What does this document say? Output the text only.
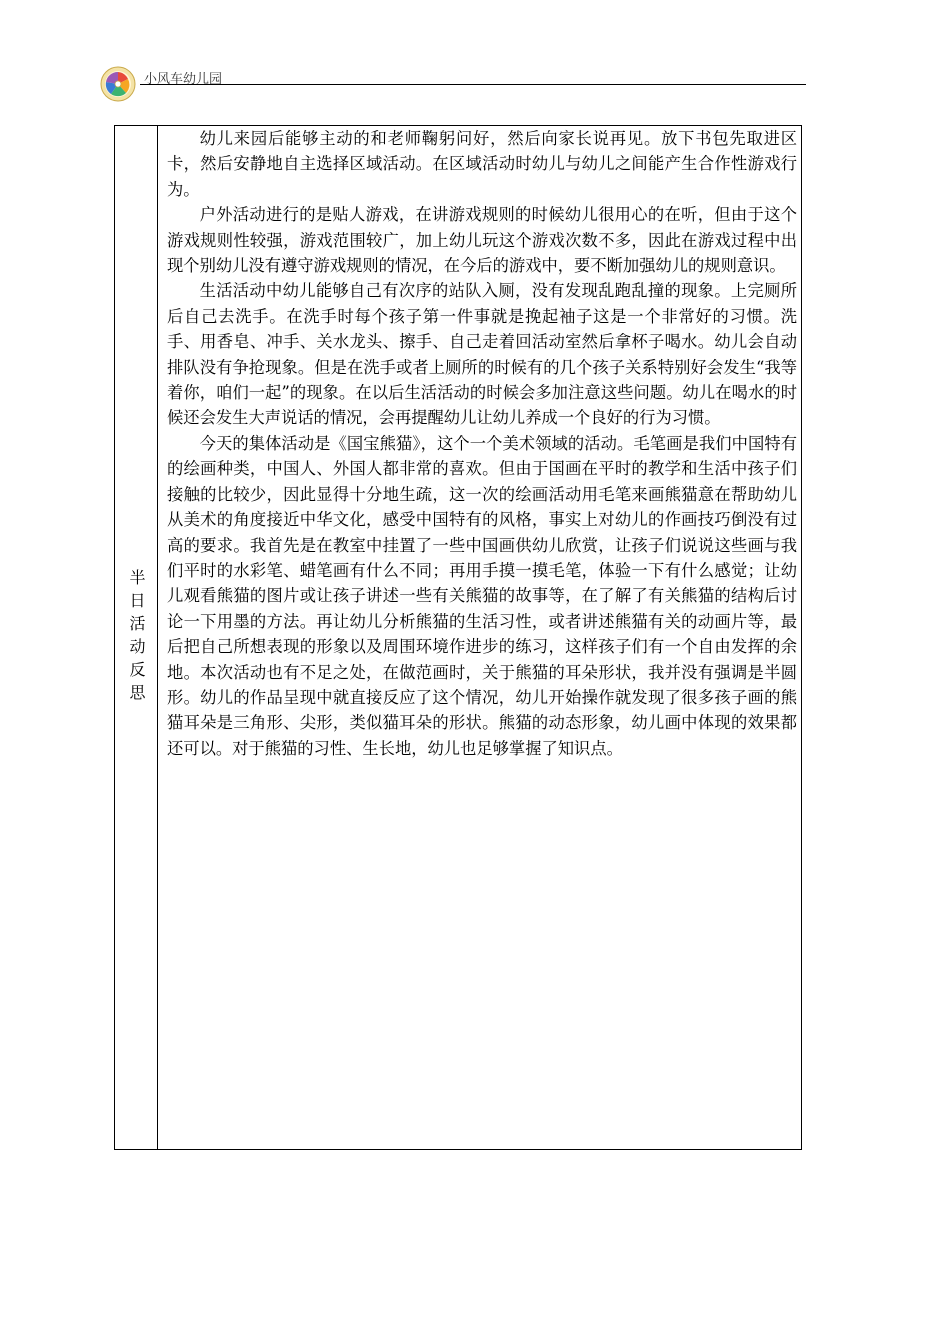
小风车幼儿园
半日活动反思

幼儿来园后能够主动的和老师鞠躬问好，然后向家长说再见。放下书包先取进区卡，然后安静地自主选择区域活动。在区域活动时幼儿与幼儿之间能产生合作性游戏行为。

户外活动进行的是贴人游戏，在讲游戏规则的时候幼儿很用心的在听，但由于这个游戏规则性较强，游戏范围较广，加上幼儿玩这个游戏次数不多，因此在游戏过程中出现个别幼儿没有遵守游戏规则的情况，在今后的游戏中，要不断加强幼儿的规则意识。

生活活动中幼儿能够自己有次序的站队入厕，没有发现乱跑乱撞的现象。上完厕所后自己去洗手。在洗手时每个孩子第一件事就是挽起袖子这是一个非常好的习惯。洗手、用香皂、冲手、关水龙头、擦手、自己走着回活动室然后拿杯子喝水。幼儿会自动排队没有争抢现象。但是在洗手或者上厕所的时候有的几个孩子关系特别好会发生“我等着你，咱们一起”的现象。在以后生活活动的时候会多加注意这些问题。幼儿在喝水的时候还会发生大声说话的情况，会再提醒幼儿让幼儿养成一个良好的行为习惯。

今天的集体活动是《国宝熊猫》，这个一个美术领域的活动。毛笔画是我们中国特有的绘画种类，中国人、外国人都非常的喜欢。但由于国画在平时的教学和生活中孩子们接触的比较少，因此显得十分地生疏，这一次的绘画活动用毛笔来画熊猫意在帮助幼儿从美术的角度接近中华文化，感受中国特有的风格，事实上对幼儿的作画技巧倒没有过高的要求。我首先是在教室中挂置了一些中国画供幼儿欣赏，让孩子们说说这些画与我们平时的水彩笔、蜡笔画有什么不同；再用手摸一摸毛笔，体验一下有什么感觉；让幼儿观看熊猫的图片或让孩子讲述一些有关熊猫的故事等，在了解了有关熊猫的结构后讨论一下用墨的方法。再让幼儿分析熊猫的生活习性，或者讲述熊猫有关的动画片等，最后把自己所想表现的形象以及周围环境作进步的练习，这样孩子们有一个自由发挥的余地。本次活动也有不足之处，在做范画时，关于熊猫的耳朵形状，我并没有强调是半圆形。幼儿的作品呈现中就直接反应了这个情况，幼儿开始操作就发现了很多孩子画的熊猫耳朵是三角形、尖形，类似猫耳朵的形状。熊猫的动态形象，幼儿画中体现的效果都还可以。对于熊猫的习性、生长地，幼儿也足够掌握了知识点。
